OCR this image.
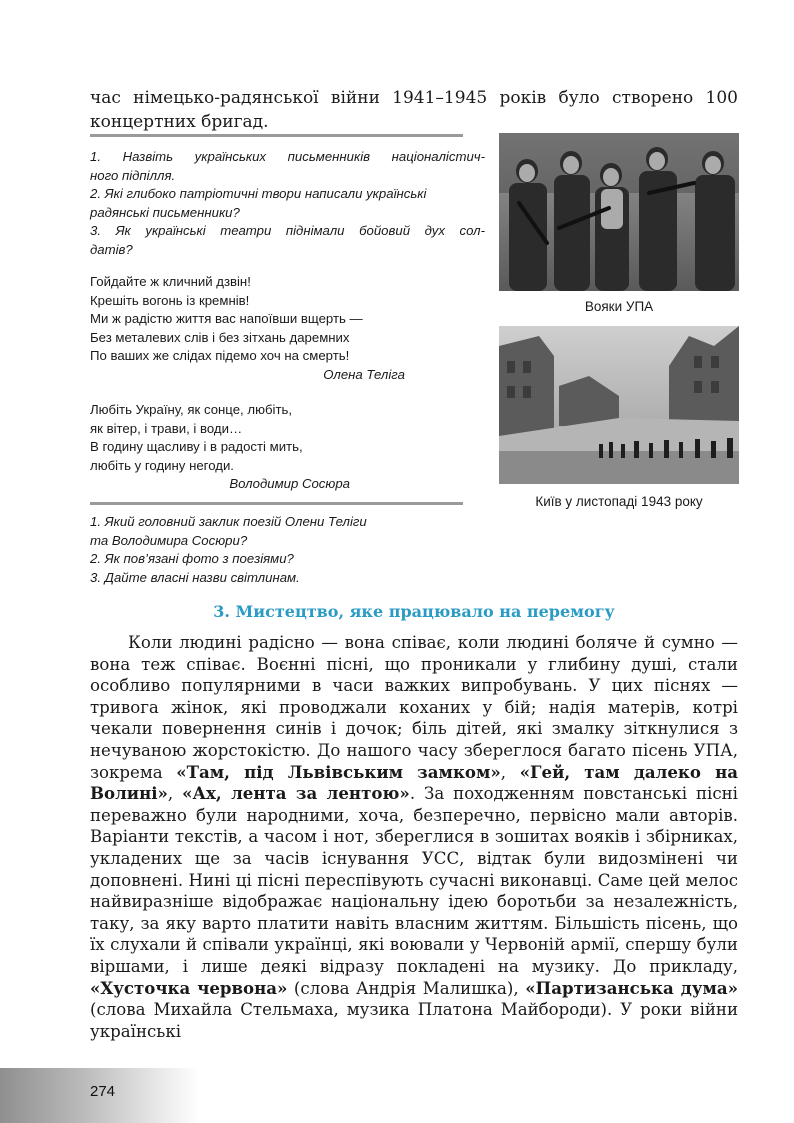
час німецько-радянської війни 1941–1945 років було створено 100 концертних бригад.
1. Назвіть українських письменників націоналістич-
ного підпілля.
2. Які глибоко патріотичні твори написали українські
радянські письменники?
3. Як українські театри піднімали бойовий дух сол-
датів?
Гойдайте ж кличний дзвін!
Крешіть вогонь із кремнів!
Ми ж радістю життя вас напоївши вщерть —
Без металевих слів і без зітхань даремних
По ваших же слідах підемо хоч на смерть!
Олена Теліга
Любіть Україну, як сонце, любіть,
як вітер, і трави, і води…
В годину щасливу і в радості мить,
любіть у годину негоди.
Володимир Сосюра
1. Який головний заклик поезій Олени Теліги
та Володимира Сосюри?
2. Як пов’язані фото з поезіями?
3. Дайте власні назви світлинам.
Вояки УПА
Київ у листопаді 1943 року
3. Мистецтво, яке працювало на перемогу
Коли людині радісно — вона співає, коли людині боляче й сумно — вона теж співає. Воєнні пісні, що проникали у глибину душі, стали особливо популярними в часи важких випробувань. У цих піснях — тривога жінок, які проводжали коханих у бій; надія матерів, котрі чекали повернення синів і дочок; біль дітей, які змалку зіткнулися з нечуваною жорстокістю. До нашого часу збереглося багато пісень УПА, зокрема «Там, під Львівським замком», «Гей, там далеко на Волині», «Ах, лента за лентою». За походженням повстанські пісні переважно були народними, хоча, безперечно, первісно мали авторів. Варіанти текстів, а часом і нот, збереглися в зошитах вояків і збірниках, укладених ще за часів існування УСС, відтак були видозмінені чи доповнені. Нині ці пісні переспівують сучасні виконавці. Саме цей мелос найвиразніше відображає національну ідею боротьби за незалежність, таку, за яку варто платити навіть власним життям. Більшість пісень, що їх слухали й співали українці, які воювали у Червоній армії, спершу були віршами, і лише деякі відразу покладені на музику. До прикладу, «Хусточка червона» (слова Андрія Малишка), «Партизанська дума» (слова Михайла Стельмаха, музика Платона Майбороди). У роки війни українські
274
